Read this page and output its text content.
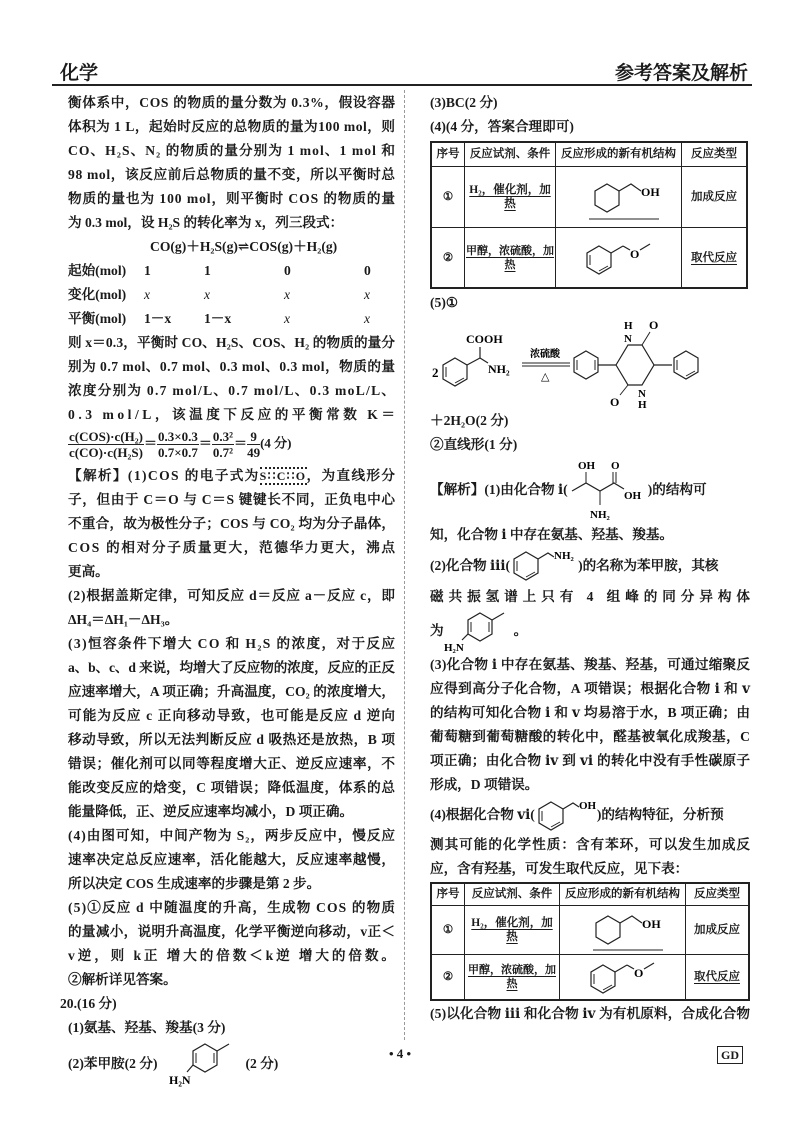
化学	参考答案及解析
衡体系中，COS 的物质的量分数为 0.3%，假设容器
体积为 1 L，起始时反应的总物质的量为100 mol，则
CO、H₂S、N₂ 的物质的量分别为 1 mol、1 mol 和
98 mol，该反应前后总物质的量不变，所以平衡时总
物质的量也为 100 mol，则平衡时 COS 的物质的量
为 0.3 mol，设 H₂S 的转化率为 x，列三段式：
CO(g)＋H₂S(g)⇌COS(g)＋H₂(g)
起始(mol)	1	1	0	0
变化(mol)	x	x	x	x
平衡(mol)	1－x	1－x	x	x
则 x＝0.3，平衡时 CO、H₂S、COS、H₂ 的物质的量分
别为 0.7 mol、0.7 mol、0.3 mol、0.3 mol，物质的量
浓度分别为 0.7 mol/L、0.7 mol/L、0.3 moL/L、
0.3 mol/L，该温度下反应的平衡常数 K＝
$\frac{\text{c(COS)·c(H₂)}}{\text{c(CO)·c(H₂S)}} = \frac{0.3\times 0.3}{0.7\times 0.7} = \frac{\text{0.3²}}{\text{0.7²}} = \frac{9}{49} (4$ 分)
【解析】(1)COS 的电子式为S∷C∷O，为直线形分
子，但由于 C＝O 与 C＝S 键键长不同，正负电中心
不重合，故为极性分子；COS 与 CO₂ 均为分子晶体，
COS 的相对分子质量更大，范德华力更大，沸点
更高。
(2)根据盖斯定律，可知反应 d＝反应 a－反应 c，即
ΔH₄＝ΔH₁－ΔH₃。
(3)恒容条件下增大 CO 和 H₂S 的浓度，对于反应
a、b、c、d 来说，均增大了反应物的浓度，反应的正反
应速率增大，A 项正确；升高温度，CO₂ 的浓度增大，
可能为反应 c 正向移动导致，也可能是反应 d 逆向
移动导致，所以无法判断反应 d 吸热还是放热，B 项
错误；催化剂可以同等程度增大正、逆反应速率，不
能改变反应的焓变，C 项错误；降低温度，体系的总
能量降低，正、逆反应速率均减小，D 项正确。
(4)由图可知，中间产物为 S₂，两步反应中，慢反应
速率决定总反应速率，活化能越大，反应速率越慢，
所以决定 COS 生成速率的步骤是第 2 步。
(5)①反应 d 中随温度的升高，生成物 COS 的物质
的量减小，说明升高温度，化学平衡逆向移动，v正＜
v逆，则 k正 增大的倍数＜k逆 增大的倍数。
②解析详见答案。
20.(16 分)
(1)氨基、羟基、羧基(3 分)
(2)苯甲胺(2 分)
H₂N
(2 分)
(3)BC(2 分)
(4)(4 分，答案合理即可)
序号	反应试剂、条件	反应形成的新有机结构	反应类型
①	H₂，催化剂，加热	OH	加成反应
②	甲醇，浓硫酸，加热	O	取代反应
(5)①
2
COOH
NH₂
浓硫酸
△
N
H
N
H
O
O
＋2H₂O(2 分)
②直线形(1 分)
【解析】(1)由化合物 ⅰ(
OH O
OH
NH₂
)的结构可
知，化合物 ⅰ 中存在氨基、羟基、羧基。
(2)化合物 ⅲ(
NH₂
)的名称为苯甲胺，其核
磁共振氢谱上只有 4 组峰的同分异构体
为
H₂N
。
(3)化合物 ⅰ 中存在氨基、羧基、羟基，可通过缩聚反
应得到高分子化合物，A 项错误；根据化合物 ⅰ 和 ⅴ
的结构可知化合物 ⅰ 和 ⅴ 均易溶于水，B 项正确；由
葡萄糖到葡萄糖酸的转化中，醛基被氧化成羧基，C
项正确；由化合物 ⅳ 到 ⅵ 的转化中没有手性碳原子
形成，D 项错误。
(4)根据化合物 ⅵ(
OH
)的结构特征，分析预
测其可能的化学性质：含有苯环，可以发生加成反
应，含有羟基，可发生取代反应，见下表：
序号	反应试剂、条件	反应形成的新有机结构	反应类型
①	H₂，催化剂，加热	OH	加成反应
②	甲醇，浓硫酸，加热	O	取代反应
(5)以化合物 ⅲ 和化合物 ⅳ 为有机原料，合成化合物
• 4 •	GD
